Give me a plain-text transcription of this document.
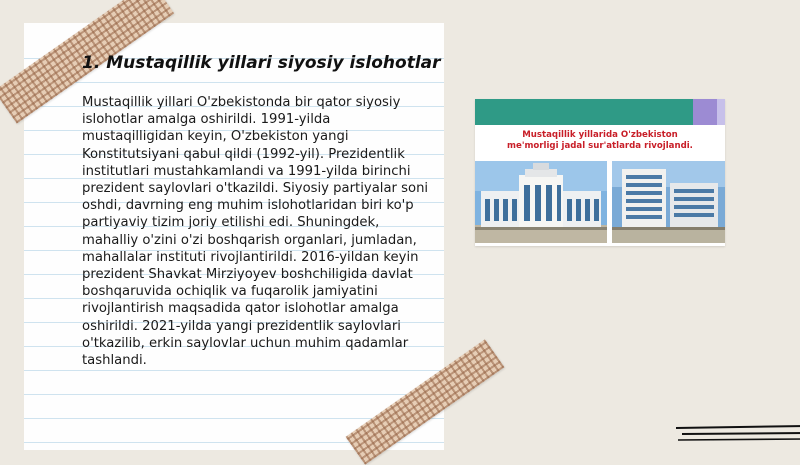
1. Mustaqillik yillari siyosiy islohotlar

Mustaqillik yillari O'zbekistonda bir qator siyosiy islohotlar amalga oshirildi. 1991-yilda mustaqilligidan keyin, O'zbekiston yangi Konstitutsiyani qabul qildi (1992-yil). Prezidentlik institutlari mustahkamlandi va 1991-yilda birinchi prezident saylovlari o'tkazildi. Siyosiy partiyalar soni oshdi, davrning eng muhim islohotlaridan biri ko'p partiyaviy tizim joriy etilishi edi. Shuningdek, mahalliy o'zini o'zi boshqarish organlari, jumladan, mahallalar instituti rivojlantirildi. 2016-yildan keyin prezident Shavkat Mirziyoyev boshchiligida davlat boshqaruvida ochiqlik va fuqarolik jamiyatini rivojlantirish maqsadida qator islohotlar amalga oshirildi. 2021-yilda yangi prezidentlik saylovlari o'tkazilib, erkin saylovlar uchun muhim qadamlar tashlandi.

Mustaqillik yillarida O'zbekiston
me'morligi jadal sur'atlarda rivojlandi.
